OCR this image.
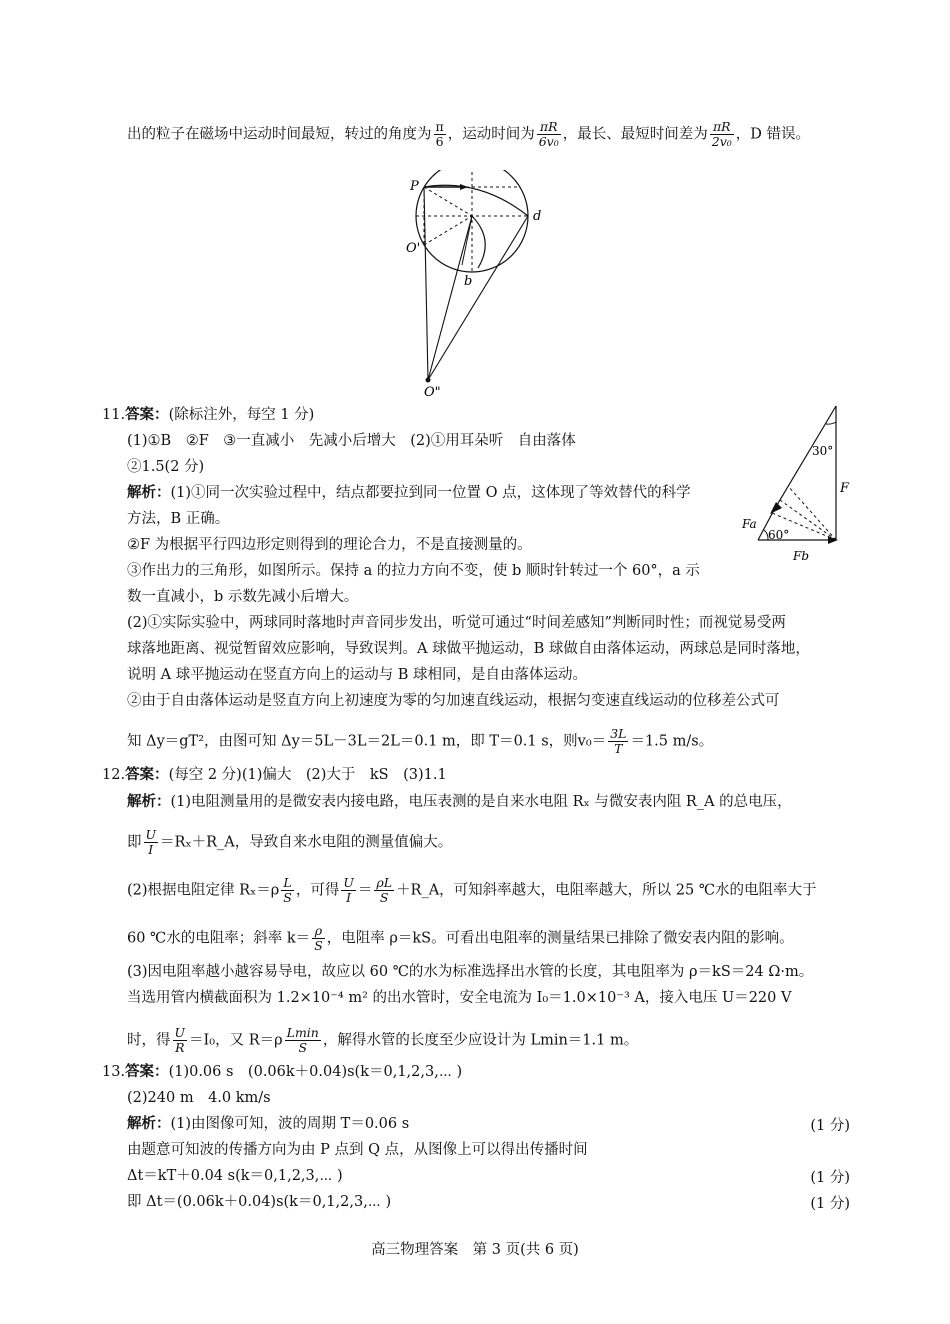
出的粒子在磁场中运动时间最短，转过的角度为 $\frac{\pi}{6}$ ，运动时间为 $\frac{\pi R}{\text{6v₀}}$ ，最长、最短时间差为 $\frac{\pi R}{\text{2v₀}}$ ，D 错误。
P
d
O'
b
O"
11.答案：(除标注外，每空 1 分)
(1)①B　②F　③一直减小　先减小后增大　(2)①用耳朵听　自由落体
②1.5(2 分)
解析：(1)①同一次实验过程中，结点都要拉到同一位置 O 点，这体现了等效替代的科学
方法，B 正确。
②F 为根据平行四边形定则得到的理论合力，不是直接测量的。
③作出力的三角形，如图所示。保持 a 的拉力方向不变，使 b 顺时针转过一个 60°，a 示
数一直减小，b 示数先减小后增大。
(2)①实际实验中，两球同时落地时声音同步发出，听觉可通过“时间差感知”判断同时性；而视觉易受两
球落地距离、视觉暂留效应影响，导致误判。A 球做平抛运动，B 球做自由落体运动，两球总是同时落地，
说明 A 球平抛运动在竖直方向上的运动与 B 球相同，是自由落体运动。
②由于自由落体运动是竖直方向上初速度为零的匀加速直线运动，根据匀变速直线运动的位移差公式可
知 Δy＝gT²，由图可知 Δy＝5L－3L＝2L＝0.1 m，即 T＝0.1 s，则$v_0= \frac{3L}{T} =1.5$ m/s。
30°
F
Fa
60°
Fb
12.答案：(每空 2 分)(1)偏大　(2)大于　kS　(3)1.1
解析：(1)电阻测量用的是微安表内接电路，电压表测的是自来水电阻 Rₓ 与微安表内阻 R_A 的总电压，
即 $\frac{U}{I}$ ＝Rₓ＋R_A，导致自来水电阻的测量值偏大。
(2)根据电阻定律 $R_x=\rho \frac{L}{S}$ ，可得 $\frac{U}{I} = \frac{\rho L}{S}$ ＋R_A，可知斜率越大，电阻率越大，所以 25 ℃水的电阻率大于
60 ℃水的电阻率；斜率 $k= \frac{\rho}{S}$ ，电阻率 ρ＝kS。可看出电阻率的测量结果已排除了微安表内阻的影响。
(3)因电阻率越小越容易导电，故应以 60 ℃的水为标准选择出水管的长度，其电阻率为 ρ＝kS＝24 Ω·m。
当选用管内横截面积为 1.2×10⁻⁴ m² 的出水管时，安全电流为 I₀＝1.0×10⁻³ A，接入电压 U＝220 V
时，得 $\frac{U}{R} =I_0$，又 $R=\rho \frac{Lmin}{S}$ ，解得水管的长度至少应设计为 Lmin＝1.1 m。
13.答案：(1)0.06 s　(0.06k＋0.04)s(k＝0,1,2,3,⋯ )
(2)240 m　4.0 km/s
解析：(1)由图像可知，波的周期 T＝0.06 s	(1 分)
由题意可知波的传播方向为由 P 点到 Q 点，从图像上可以得出传播时间
Δt＝kT＋0.04 s(k＝0,1,2,3,⋯ )	(1 分)
即 Δt＝(0.06k＋0.04)s(k＝0,1,2,3,⋯ )	(1 分)
高三物理答案　第 3 页(共 6 页)
